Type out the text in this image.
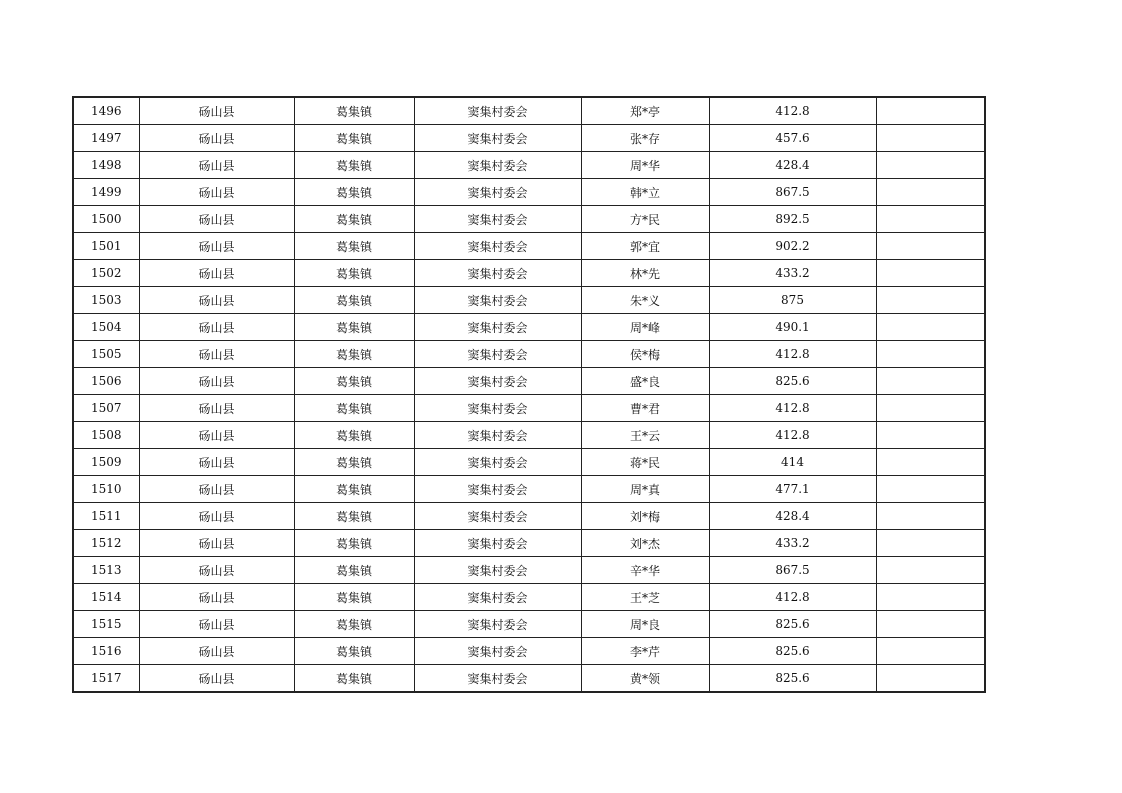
1496	砀山县	葛集镇	窦集村委会	郑*亭	412.8	
1497	砀山县	葛集镇	窦集村委会	张*存	457.6	
1498	砀山县	葛集镇	窦集村委会	周*华	428.4	
1499	砀山县	葛集镇	窦集村委会	韩*立	867.5	
1500	砀山县	葛集镇	窦集村委会	方*民	892.5	
1501	砀山县	葛集镇	窦集村委会	郭*宜	902.2	
1502	砀山县	葛集镇	窦集村委会	林*先	433.2	
1503	砀山县	葛集镇	窦集村委会	朱*义	875	
1504	砀山县	葛集镇	窦集村委会	周*峰	490.1	
1505	砀山县	葛集镇	窦集村委会	侯*梅	412.8	
1506	砀山县	葛集镇	窦集村委会	盛*良	825.6	
1507	砀山县	葛集镇	窦集村委会	曹*君	412.8	
1508	砀山县	葛集镇	窦集村委会	王*云	412.8	
1509	砀山县	葛集镇	窦集村委会	蒋*民	414	
1510	砀山县	葛集镇	窦集村委会	周*真	477.1	
1511	砀山县	葛集镇	窦集村委会	刘*梅	428.4	
1512	砀山县	葛集镇	窦集村委会	刘*杰	433.2	
1513	砀山县	葛集镇	窦集村委会	辛*华	867.5	
1514	砀山县	葛集镇	窦集村委会	王*芝	412.8	
1515	砀山县	葛集镇	窦集村委会	周*良	825.6	
1516	砀山县	葛集镇	窦集村委会	李*芹	825.6	
1517	砀山县	葛集镇	窦集村委会	黄*领	825.6	
